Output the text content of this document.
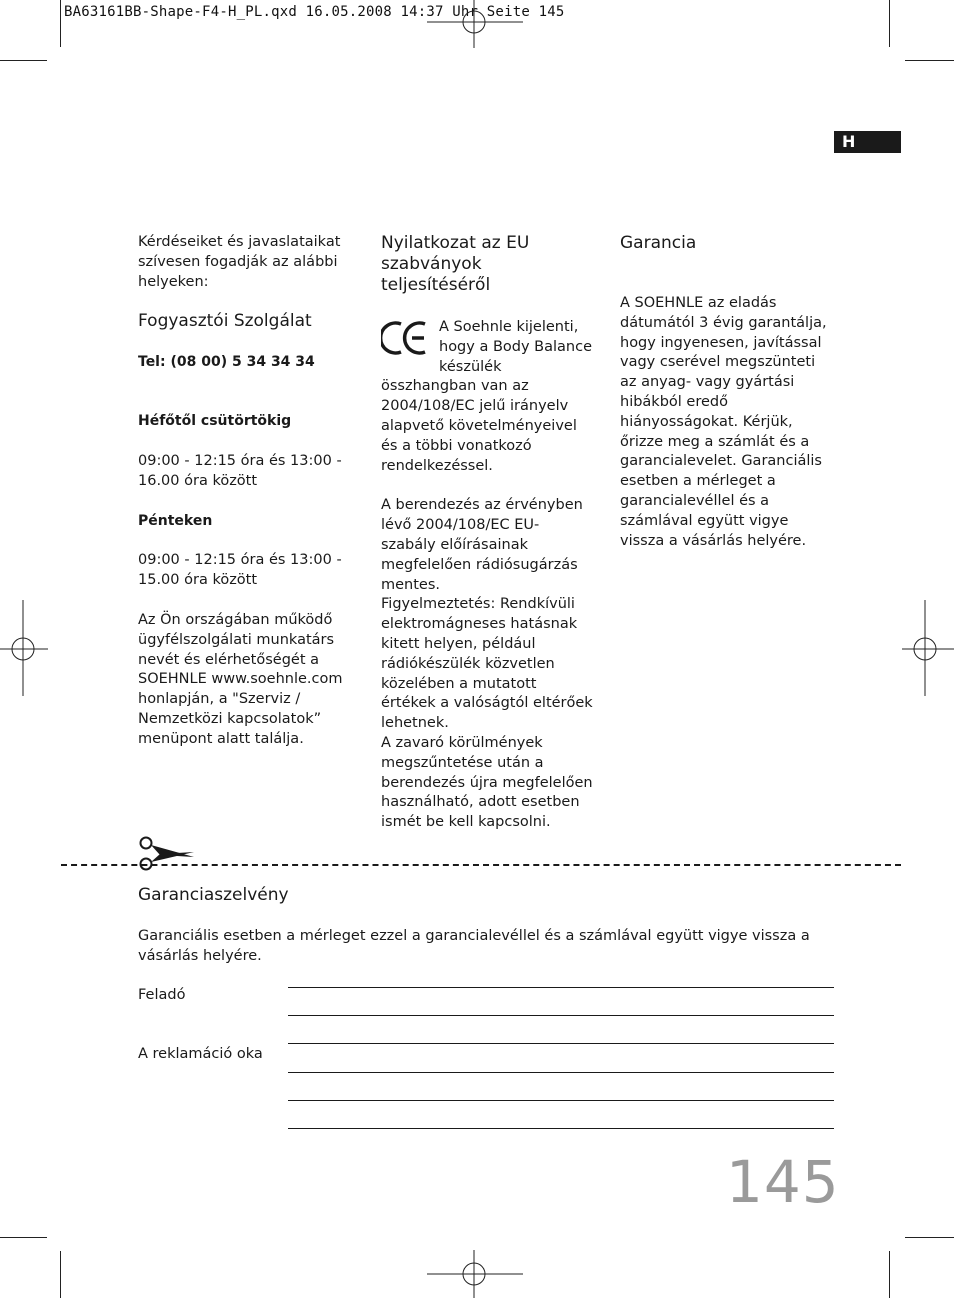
BA63161BB-Shape-F4-H_PL.qxd 16.05.2008 14:37 Uhr Seite 145
H

Kérdéseiket és javaslataikat szívesen fogadják az alábbi helyeken:

Fogyasztói Szolgálat

Tel: (08 00) 5 34 34 34

Héfőtől csütörtökig

09:00 - 12:15 óra és 13:00 - 16.00 óra között

Pénteken

09:00 - 12:15 óra és 13:00 - 15.00 óra között

Az Ön országában működő ügyfélszolgálati munkatárs nevét és elérhetőségét a SOEHNLE www.soehnle.com honlapján, a "Szerviz / Nemzetközi kapcsolatok” menüpont alatt találja.

Nyilatkozat az EU szabványok teljesítéséről

A Soehnle kijelenti, hogy a Body Balance készülék összhangban van az 2004/108/EC jelű irányelv alapvető követelményeivel és a többi vonatkozó rendelkezéssel.

A berendezés az érvényben lévő 2004/108/EC EU-szabály előírásainak megfelelően rádiósugárzás mentes.

Figyelmeztetés: Rendkívüli elektromágneses hatásnak kitett helyen, például rádiókészülék közvetlen közelében a mutatott értékek a valóságtól eltérőek lehetnek.

A zavaró körülmények megszűntetése után a berendezés újra megfelelően használható, adott esetben ismét be kell kapcsolni.

Garancia

A SOEHNLE az eladás dátumától 3 évig garantálja, hogy ingyenesen, javítással vagy cserével megszünteti az anyag- vagy gyártási hibákból eredő hiányosságokat. Kérjük, őrizze meg a számlát és a garancialevelet. Garanciális esetben a mérleget a garancialevéllel és a számlával együtt vigye vissza a vásárlás helyére.

Garanciaszelvény
Garanciális esetben a mérleget ezzel a garancialevéllel és a számlával együtt vigye vissza a vásárlás helyére.
Feladó
A reklamáció oka
145
